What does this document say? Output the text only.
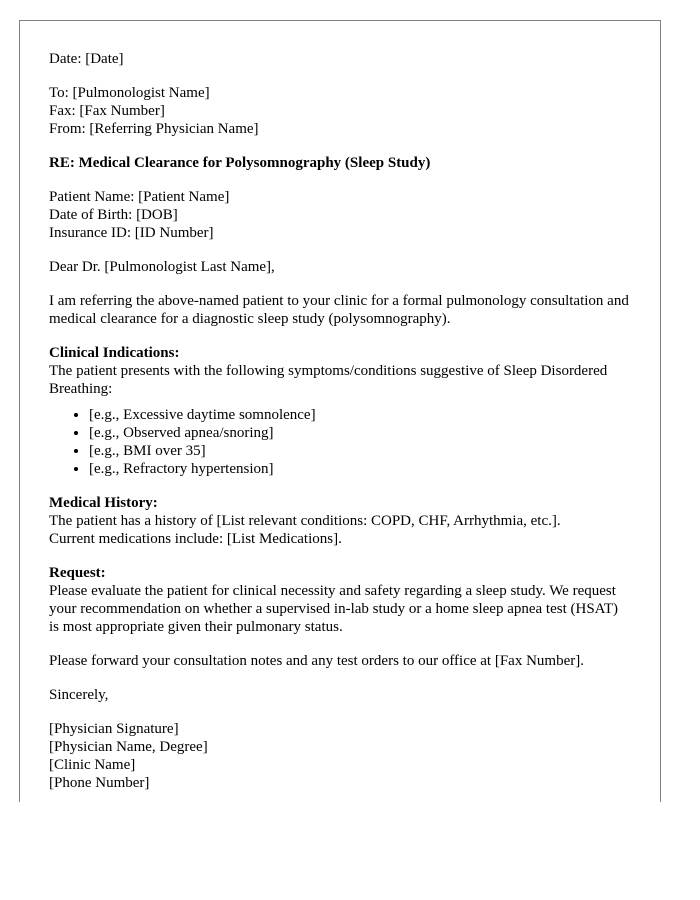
Date: [Date]

To: [Pulmonologist Name]
Fax: [Fax Number]
From: [Referring Physician Name]

RE: Medical Clearance for Polysomnography (Sleep Study)

Patient Name: [Patient Name]
Date of Birth: [DOB]
Insurance ID: [ID Number]

Dear Dr. [Pulmonologist Last Name],

I am referring the above-named patient to your clinic for a formal pulmonology consultation and medical clearance for a diagnostic sleep study (polysomnography).

Clinical Indications:
The patient presents with the following symptoms/conditions suggestive of Sleep Disordered Breathing:

• [e.g., Excessive daytime somnolence]
• [e.g., Observed apnea/snoring]
• [e.g., BMI over 35]
• [e.g., Refractory hypertension]

Medical History:
The patient has a history of [List relevant conditions: COPD, CHF, Arrhythmia, etc.].
Current medications include: [List Medications].

Request:
Please evaluate the patient for clinical necessity and safety regarding a sleep study. We request your recommendation on whether a supervised in-lab study or a home sleep apnea test (HSAT) is most appropriate given their pulmonary status.

Please forward your consultation notes and any test orders to our office at [Fax Number].

Sincerely,

[Physician Signature]
[Physician Name, Degree]
[Clinic Name]
[Phone Number]
